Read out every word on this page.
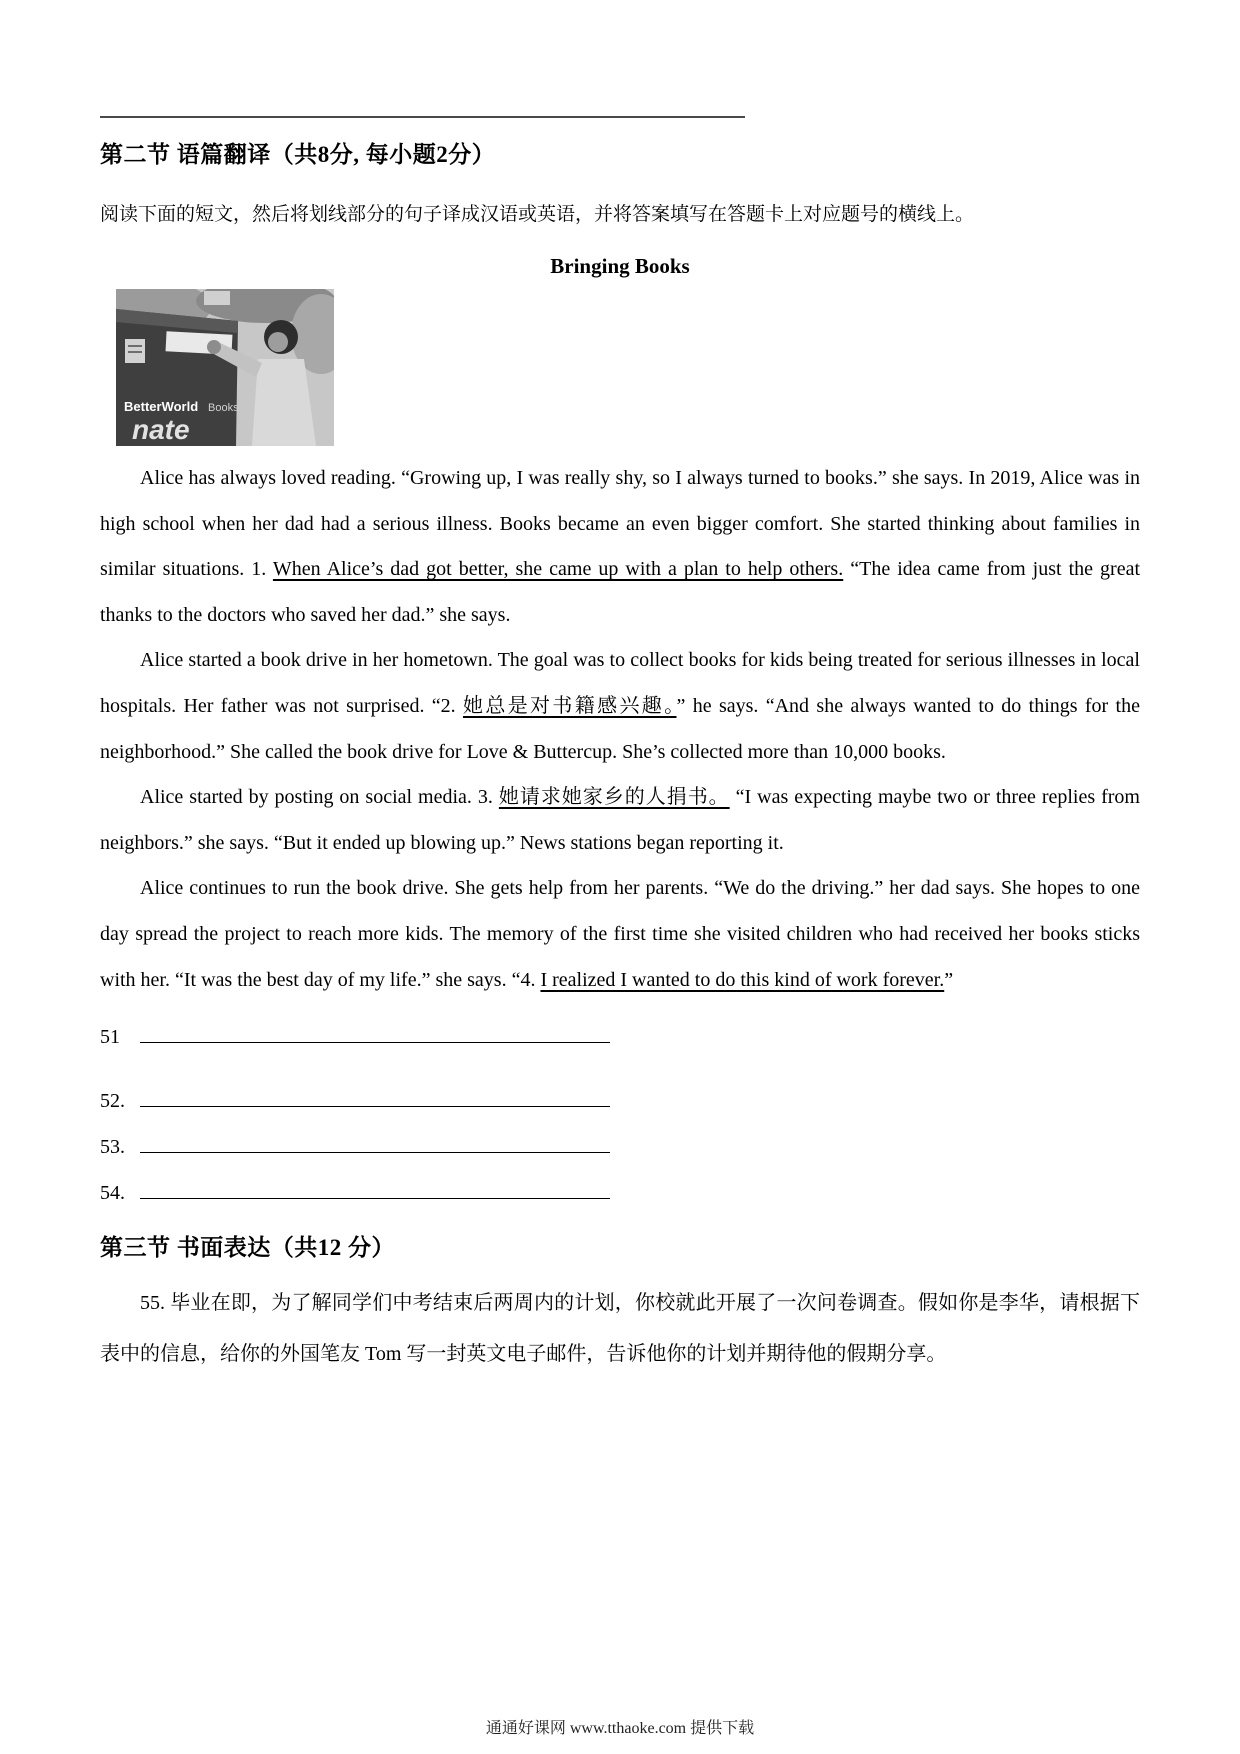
第二节 语篇翻译（共8分, 每小题2分）

阅读下面的短文，然后将划线部分的句子译成汉语或英语，并将答案填写在答题卡上对应题号的横线上。

Bringing Books
BetterWorld Books
nate

Alice has always loved reading. “Growing up, I was really shy, so I always turned to books.” she says. In 2019, Alice was in high school when her dad had a serious illness. Books became an even bigger comfort. She started thinking about families in similar situations. 1. When Alice’s dad got better, she came up with a plan to help others. “The idea came from just the great thanks to the doctors who saved her dad.” she says.

Alice started a book drive in her hometown. The goal was to collect books for kids being treated for serious illnesses in local hospitals. Her father was not surprised. “2. 她总是对书籍感兴趣。” he says. “And she always wanted to do things for the neighborhood.” She called the book drive for Love & Buttercup. She’s collected more than 10,000 books.

Alice started by posting on social media. 3. 她请求她家乡的人捐书。 “I was expecting maybe two or three replies from neighbors.” she says. “But it ended up blowing up.” News stations began reporting it.

Alice continues to run the book drive. She gets help from her parents. “We do the driving.” her dad says. She hopes to one day spread the project to reach more kids. The memory of the first time she visited children who had received her books sticks with her. “It was the best day of my life.” she says. “4. I realized I wanted to do this kind of work forever.”

51
52.
53.
54.
第三节 书面表达（共12 分）

55. 毕业在即，为了解同学们中考结束后两周内的计划，你校就此开展了一次问卷调查。假如你是李华，请根据下表中的信息，给你的外国笔友 Tom 写一封英文电子邮件，告诉他你的计划并期待他的假期分享。

通通好课网 www.tthaoke.com 提供下载
